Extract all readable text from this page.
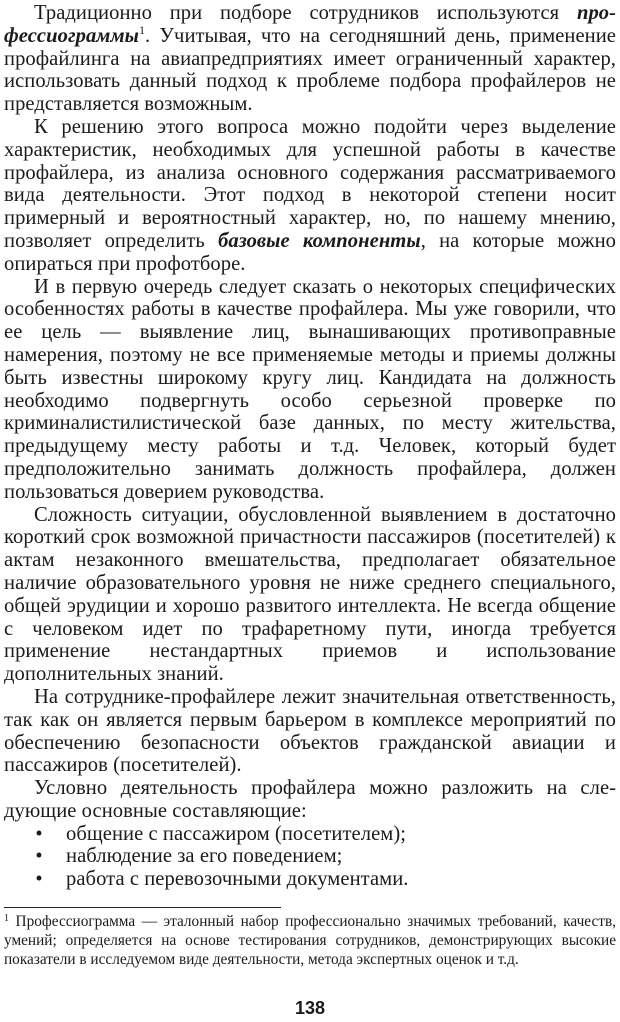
Традиционно при подборе сотрудников используются профессиограммы$^1$. Учитывая, что на сегодняшний день, применение профайлинга на авиапредприятиях имеет ограниченный характер, использовать данный подход к проблеме подбора профайлеров не представляется возможным.

К решению этого вопроса можно подойти через выделение характеристик, необходимых для успешной работы в качестве профайлера, из анализа основного содержания рассматриваемого вида деятельности. Этот подход в некоторой степени носит примерный и вероятностный характер, но, по нашему мнению, позволяет определить базовые компоненты, на которые можно опираться при профотборе.

И в первую очередь следует сказать о некоторых специфических особенностях работы в качестве профайлера. Мы уже говорили, что ее цель — выявление лиц, вынашивающих противоправные намерения, поэтому не все применяемые методы и приемы должны быть известны широкому кругу лиц. Кандидата на должность необходимо подвергнуть особо серьезной проверке по криминалистилистической базе данных, по месту жительства, предыдущему месту работы и т.д. Человек, который будет предположительно занимать должность профайлера, должен пользоваться доверием руководства.

Сложность ситуации, обусловленной выявлением в достаточно короткий срок возможной причастности пассажиров (посетителей) к актам незаконного вмешательства, предполагает обязательное наличие образовательного уровня не ниже среднего специального, общей эрудиции и хорошо развитого интеллекта. Не всегда общение с человеком идет по трафаретному пути, иногда требуется применение нестандартных приемов и использование дополнительных знаний.

На сотруднике-профайлере лежит значительная ответственность, так как он является первым барьером в комплексе мероприятий по обеспечению безопасности объектов гражданской авиации и пассажиров (посетителей).

Условно деятельность профайлера можно разложить на следующие основные составляющие:

• общение с пассажиром (посетителем);
• наблюдение за его поведением;
• работа с перевозочными документами.

$^1$ Профессиограмма — эталонный набор профессионально значимых требований, качеств, умений; определяется на основе тестирования сотрудников, демонстрирующих высокие показатели в исследуемом виде деятельности, метода экспертных оценок и т.д.

138
